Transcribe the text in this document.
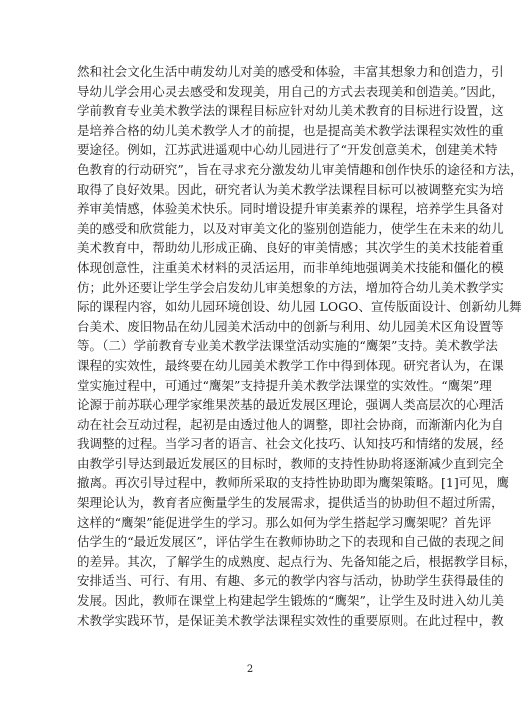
然和社会文化生活中萌发幼儿对美的感受和体验，丰富其想象力和创造力，引
导幼儿学会用心灵去感受和发现美，用自己的方式去表现美和创造美。”因此，
学前教育专业美术教学法的课程目标应针对幼儿美术教育的目标进行设置，这
是培养合格的幼儿美术教学人才的前提，也是提高美术教学法课程实效性的重
要途径。例如，江苏武进遥观中心幼儿园进行了“开发创意美术，创建美术特
色教育的行动研究”，旨在寻求充分激发幼儿审美情趣和创作快乐的途径和方法，
取得了良好效果。因此，研究者认为美术教学法课程目标可以被调整充实为培
养审美情感，体验美术快乐。同时增设提升审美素养的课程，培养学生具备对
美的感受和欣赏能力，以及对审美文化的鉴别创造能力，使学生在未来的幼儿
美术教育中，帮助幼儿形成正确、良好的审美情感；其次学生的美术技能着重
体现创意性，注重美术材料的灵活运用，而非单纯地强调美术技能和僵化的模
仿；此外还要让学生学会启发幼儿审美想象的方法，增加符合幼儿美术教学实
际的课程内容，如幼儿园环境创设、幼儿园 LOGO、宣传版面设计、创新幼儿舞
台美术、废旧物品在幼儿园美术活动中的创新与利用、幼儿园美术区角设置等
等。（二）学前教育专业美术教学法课堂活动实施的“鹰架”支持。美术教学法
课程的实效性，最终要在幼儿园美术教学工作中得到体现。研究者认为，在课
堂实施过程中，可通过“鹰架”支持提升美术教学法课堂的实效性。“鹰架”理
论源于前苏联心理学家维果茨基的最近发展区理论，强调人类高层次的心理活
动在社会互动过程，起初是由透过他人的调整，即社会协商，而渐渐内化为自
我调整的过程。当学习者的语言、社会文化技巧、认知技巧和情绪的发展，经
由教学引导达到最近发展区的目标时，教师的支持性协助将逐渐减少直到完全
撤离。再次引导过程中，教师所采取的支持性协助即为鹰架策略。[1]可见，鹰
架理论认为，教育者应衡量学生的发展需求，提供适当的协助但不超过所需，
这样的“鹰架”能促进学生的学习。那么如何为学生搭起学习鹰架呢？首先评
估学生的“最近发展区”，评估学生在教师协助之下的表现和自己做的表现之间
的差异。其次，了解学生的成熟度、起点行为、先备知能之后，根据教学目标，
安排适当、可行、有用、有趣、多元的教学内容与活动，协助学生获得最佳的
发展。因此，教师在课堂上构建起学生锻炼的“鹰架”，让学生及时进入幼儿美
术教学实践环节，是保证美术教学法课程实效性的重要原则。在此过程中，教
2
